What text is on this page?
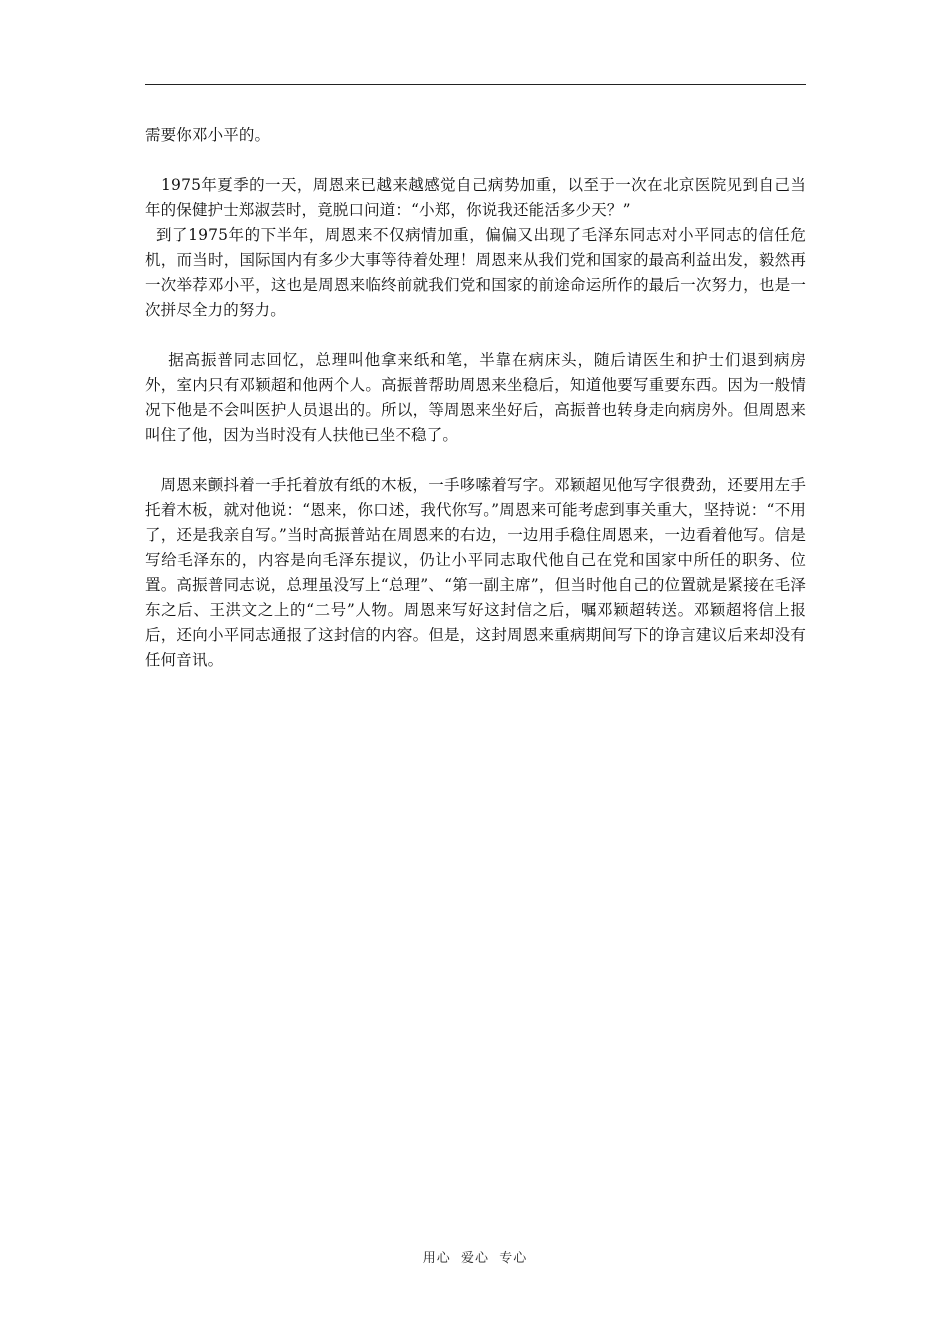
需要你邓小平的。

1975年夏季的一天，周恩来已越来越感觉自己病势加重，以至于一次在北京医院见到自己当年的保健护士郑淑芸时，竟脱口问道：“小郑，你说我还能活多少天？”

到了1975年的下半年，周恩来不仅病情加重，偏偏又出现了毛泽东同志对小平同志的信任危机，而当时，国际国内有多少大事等待着处理！周恩来从我们党和国家的最高利益出发，毅然再一次举荐邓小平，这也是周恩来临终前就我们党和国家的前途命运所作的最后一次努力，也是一次拼尽全力的努力。

据高振普同志回忆，总理叫他拿来纸和笔，半靠在病床头，随后请医生和护士们退到病房外，室内只有邓颖超和他两个人。高振普帮助周恩来坐稳后，知道他要写重要东西。因为一般情况下他是不会叫医护人员退出的。所以，等周恩来坐好后，高振普也转身走向病房外。但周恩来叫住了他，因为当时没有人扶他已坐不稳了。

周恩来颤抖着一手托着放有纸的木板，一手哆嗦着写字。邓颖超见他写字很费劲，还要用左手托着木板，就对他说：“恩来，你口述，我代你写。”周恩来可能考虑到事关重大，坚持说：“不用了，还是我亲自写。”当时高振普站在周恩来的右边，一边用手稳住周恩来，一边看着他写。信是写给毛泽东的，内容是向毛泽东提议，仍让小平同志取代他自己在党和国家中所任的职务、位置。高振普同志说，总理虽没写上“总理”、“第一副主席”，但当时他自己的位置就是紧接在毛泽东之后、王洪文之上的“二号”人物。周恩来写好这封信之后，嘱邓颖超转送。邓颖超将信上报后，还向小平同志通报了这封信的内容。但是，这封周恩来重病期间写下的诤言建议后来却没有任何音讯。

用心  爱心  专心
